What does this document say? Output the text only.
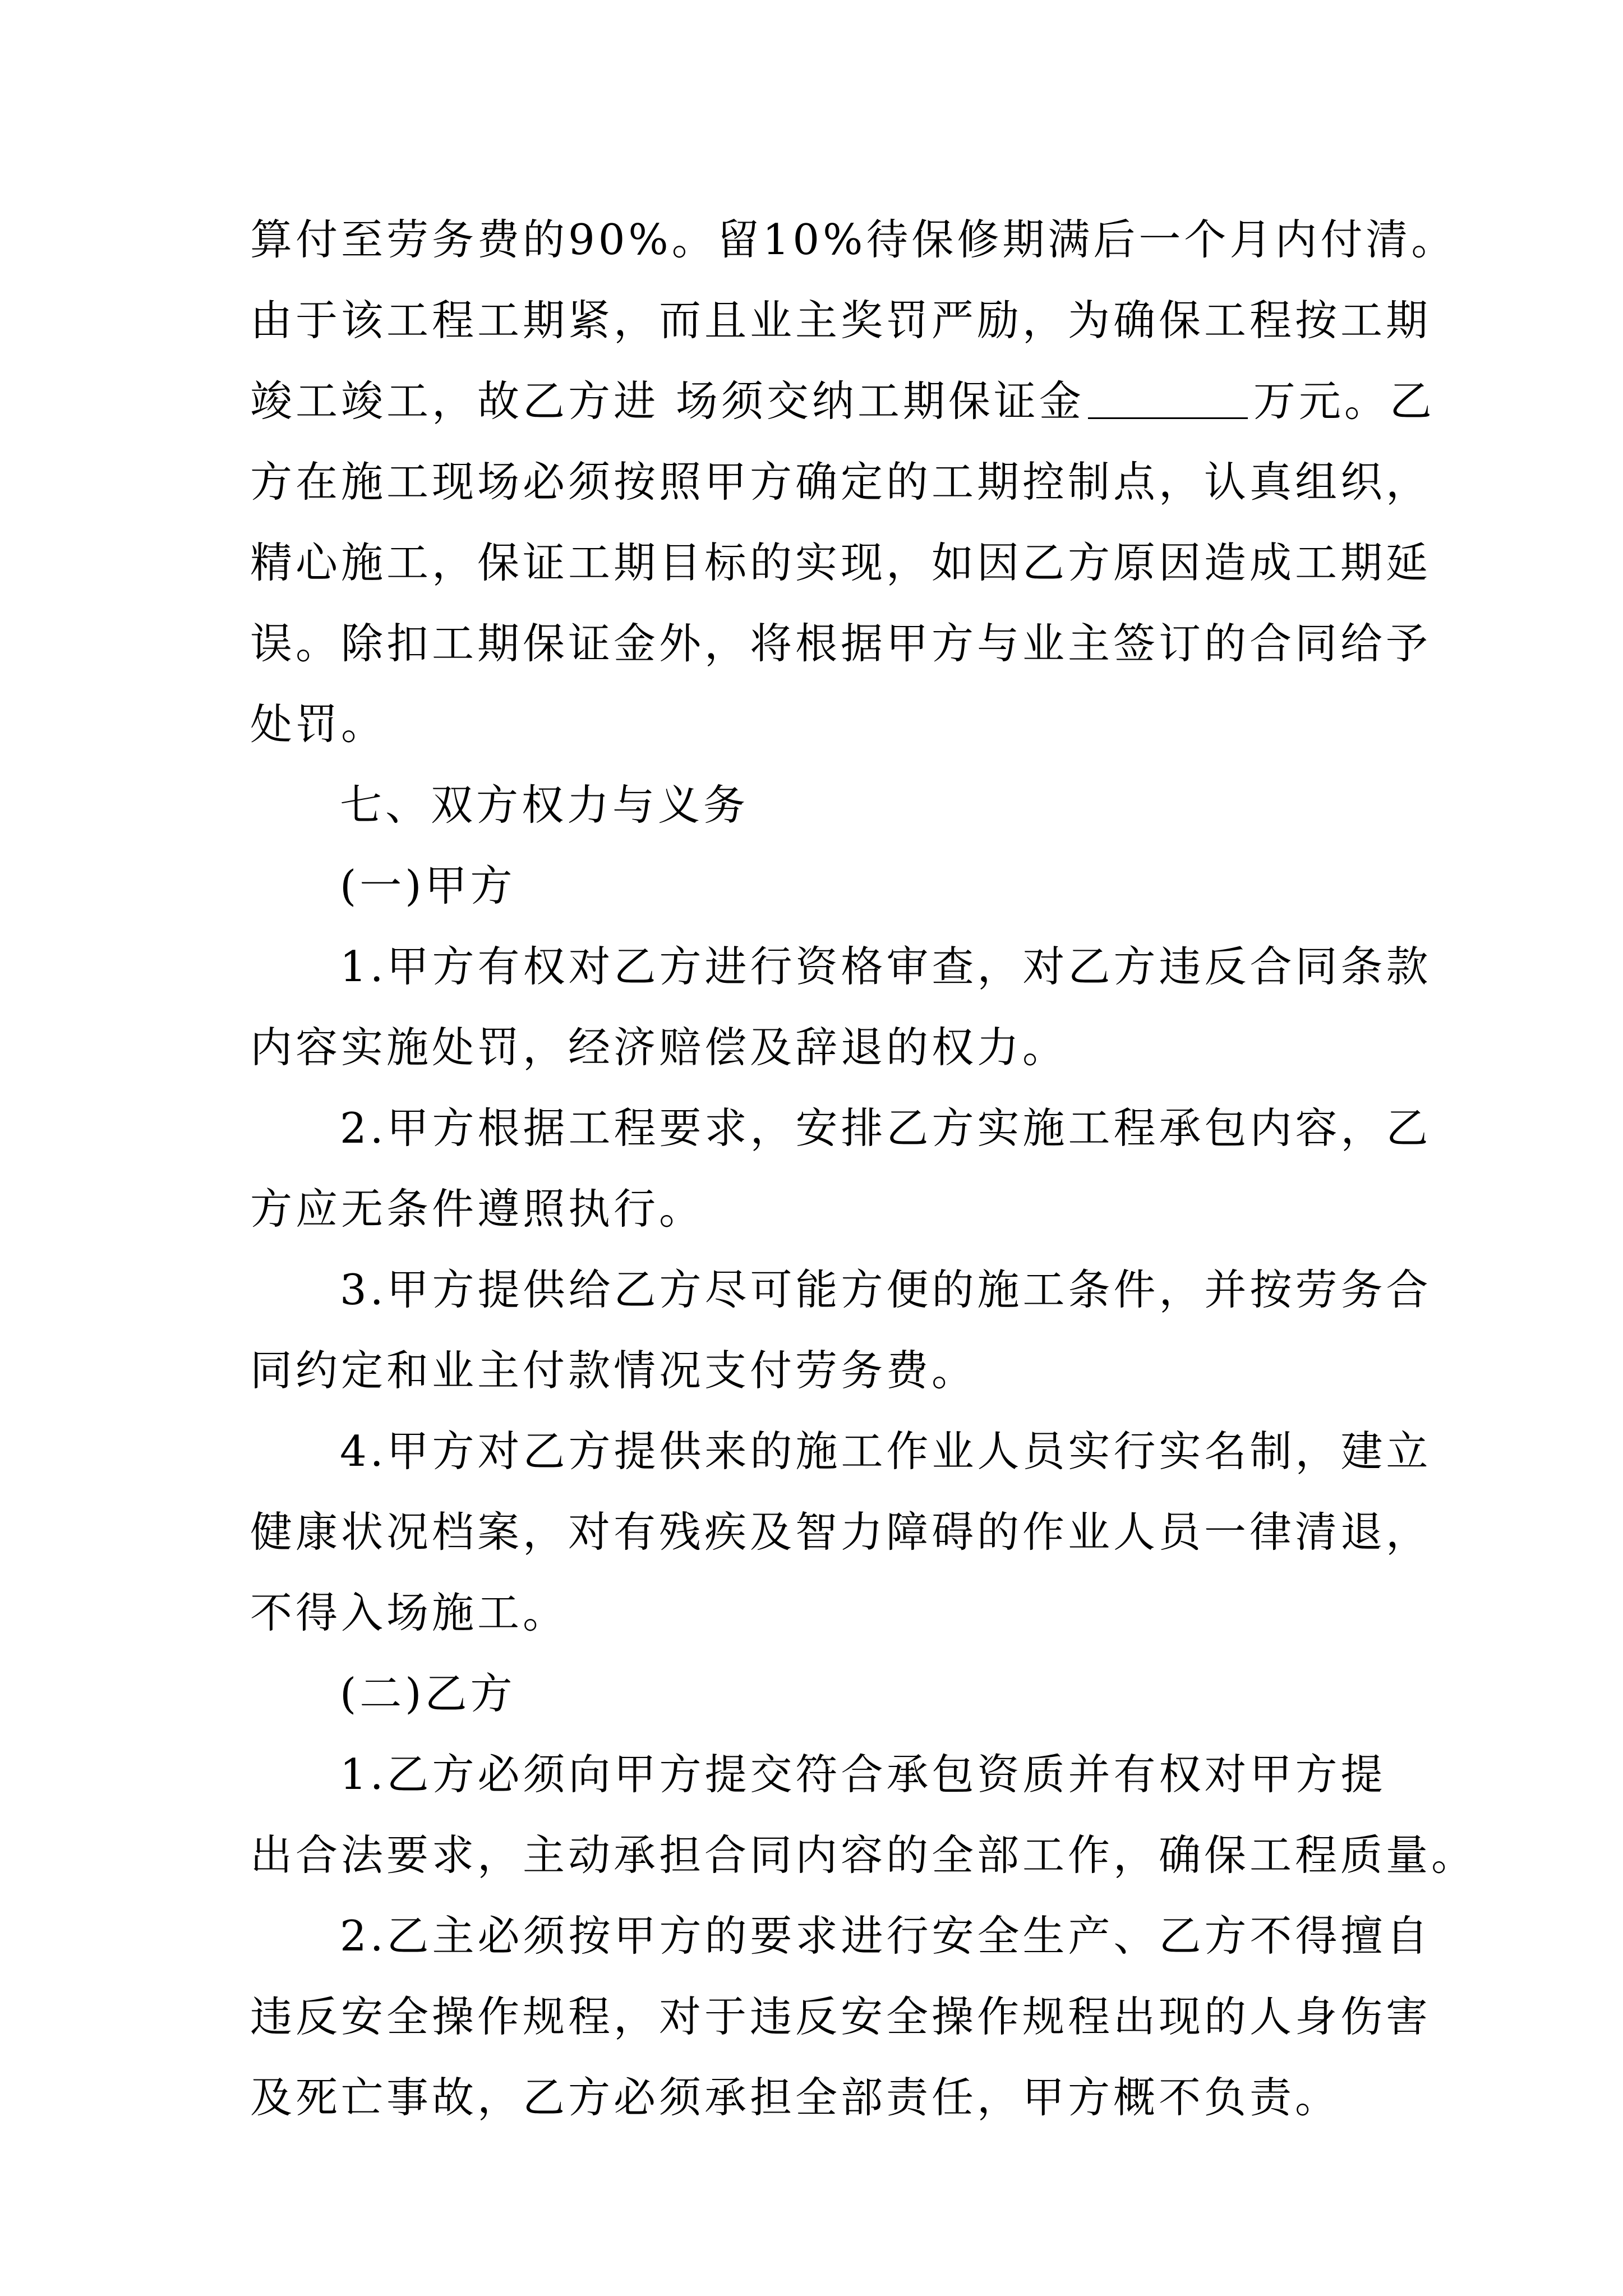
算付至劳务费的90%。留10%待保修期满后一个月内付清。
由于该工程工期紧，而且业主奖罚严励，为确保工程按工期
竣工竣工，故乙方进 场须交纳工期保证金	万元。乙
方在施工现场必须按照甲方确定的工期控制点，认真组织，
精心施工，保证工期目标的实现，如因乙方原因造成工期延
误。除扣工期保证金外，将根据甲方与业主签订的合同给予
处罚。
七、双方权力与义务
(一)甲方
1.甲方有权对乙方进行资格审查，对乙方违反合同条款
内容实施处罚，经济赔偿及辞退的权力。
2.甲方根据工程要求，安排乙方实施工程承包内容，乙
方应无条件遵照执行。
3.甲方提供给乙方尽可能方便的施工条件，并按劳务合
同约定和业主付款情况支付劳务费。
4.甲方对乙方提供来的施工作业人员实行实名制，建立
健康状况档案，对有残疾及智力障碍的作业人员一律清退，
不得入场施工。
(二)乙方
1.乙方必须向甲方提交符合承包资质并有权对甲方提
出合法要求，主动承担合同内容的全部工作，确保工程质量。
2.乙主必须按甲方的要求进行安全生产、乙方不得擅自
违反安全操作规程，对于违反安全操作规程出现的人身伤害
及死亡事故，乙方必须承担全部责任，甲方概不负责。
